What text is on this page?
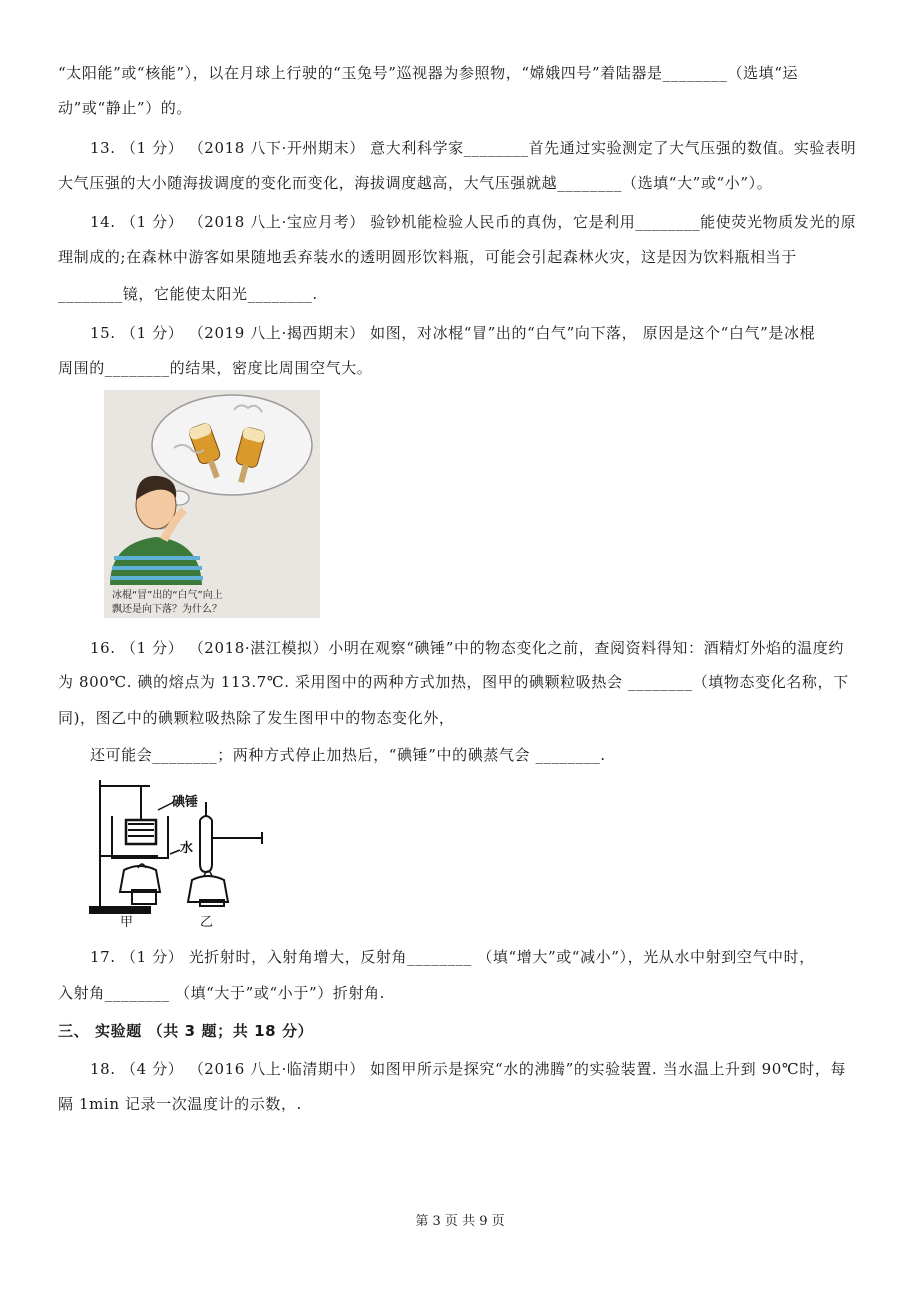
“太阳能”或“核能”），以在月球上行驶的“玉兔号”巡视器为参照物，“嫦娥四号”着陆器是________（选填“运
动”或“静止”）的。
13. （1 分） （2018 八下·开州期末） 意大利科学家________首先通过实验测定了大气压强的数值。实验表明
大气压强的大小随海拔调度的变化而变化，海拔调度越高，大气压强就越________（选填“大”或“小”）。
14. （1 分） （2018 八上·宝应月考） 验钞机能检验人民币的真伪，它是利用________能使荧光物质发光的原
理制成的;在森林中游客如果随地丢弃装水的透明圆形饮料瓶，可能会引起森林火灾，这是因为饮料瓶相当于
________镜，它能使太阳光________.
15. （1 分） （2019 八上·揭西期末） 如图，对冰棍“冒”出的“白气”向下落， 原因是这个“白气”是冰棍
周围的________的结果，密度比周围空气大。
冰棍“冒”出的“白气”向上
飘还是向下落？为什么？
16. （1 分） （2018·湛江模拟）小明在观察“碘锤”中的物态变化之前，查阅资料得知：酒精灯外焰的温度约
为 800℃. 碘的熔点为 113.7℃. 采用图中的两种方式加热，图甲的碘颗粒吸热会 ________（填物态变化名称，下
同)，图乙中的碘颗粒吸热除了发生图甲中的物态变化外，
还可能会________；两种方式停止加热后，“碘锤”中的碘蒸气会 ________.
碘锤
水
甲	乙
17. （1 分） 光折射时，入射角增大，反射角________ （填“增大”或“减小”），光从水中射到空气中时，
入射角________ （填“大于”或“小于”）折射角.
三、 实验题 （共 3 题；共 18 分）
18. （4 分） （2016 八上·临清期中） 如图甲所示是探究“水的沸腾”的实验装置. 当水温上升到 90℃时，每
隔 1min 记录一次温度计的示数，.
第 3 页 共 9 页
